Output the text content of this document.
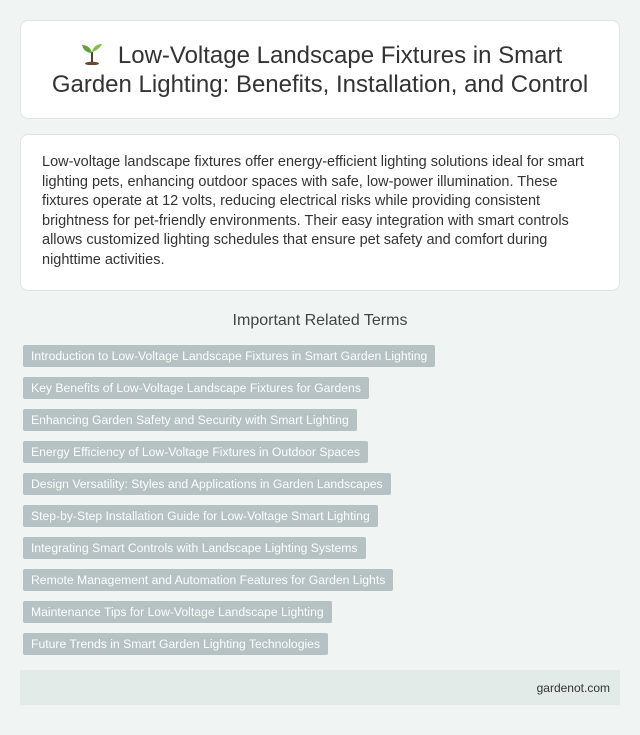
Low-Voltage Landscape Fixtures in Smart Garden Lighting: Benefits, Installation, and Control

Low-voltage landscape fixtures offer energy-efficient lighting solutions ideal for smart lighting pets, enhancing outdoor spaces with safe, low-power illumination. These fixtures operate at 12 volts, reducing electrical risks while providing consistent brightness for pet-friendly environments. Their easy integration with smart controls allows customized lighting schedules that ensure pet safety and comfort during nighttime activities.

Important Related Terms
Introduction to Low-Voltage Landscape Fixtures in Smart Garden Lighting
Key Benefits of Low-Voltage Landscape Fixtures for Gardens
Enhancing Garden Safety and Security with Smart Lighting
Energy Efficiency of Low-Voltage Fixtures in Outdoor Spaces
Design Versatility: Styles and Applications in Garden Landscapes
Step-by-Step Installation Guide for Low-Voltage Smart Lighting
Integrating Smart Controls with Landscape Lighting Systems
Remote Management and Automation Features for Garden Lights
Maintenance Tips for Low-Voltage Landscape Lighting
Future Trends in Smart Garden Lighting Technologies
gardenot.com
